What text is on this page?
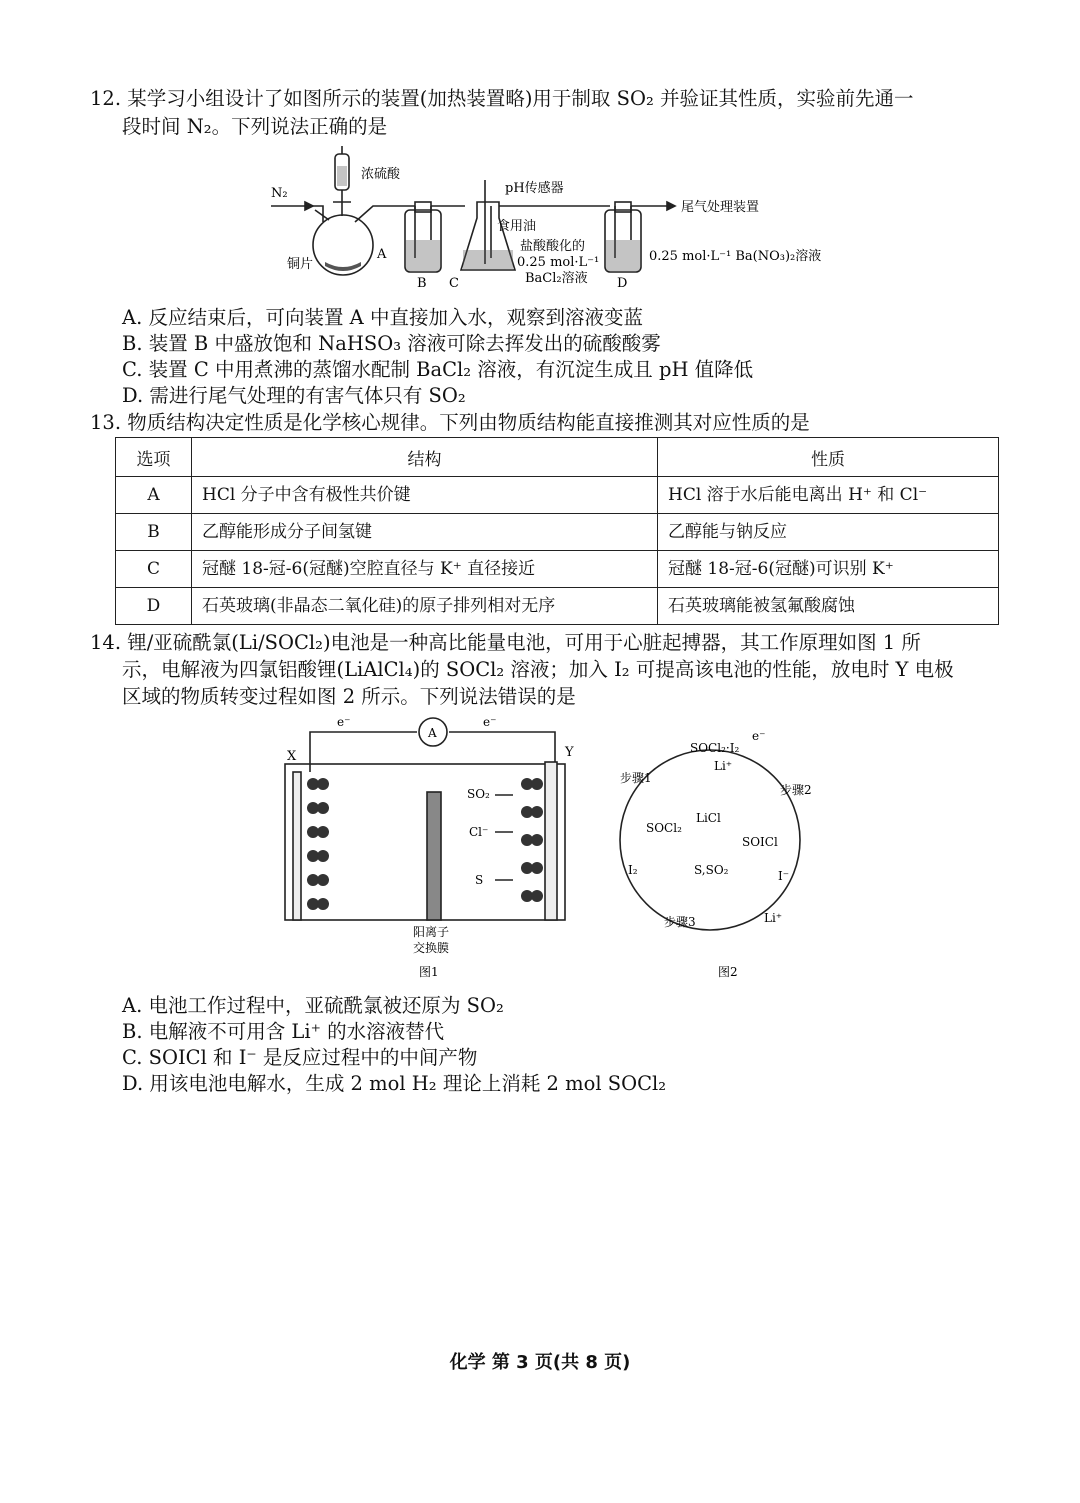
12. 某学习小组设计了如图所示的装置(加热装置略)用于制取 SO₂ 并验证其性质，实验前先通一
段时间 N₂。下列说法正确的是
N₂
浓硫酸
铜片
A
B C	D
pH传感器
食用油
盐酸酸化的
0.25 mol·L⁻¹
BaCl₂溶液
尾气处理装置
0.25 mol·L⁻¹ Ba(NO₃)₂溶液
A. 反应结束后，可向装置 A 中直接加入水，观察到溶液变蓝
B. 装置 B 中盛放饱和 NaHSO₃ 溶液可除去挥发出的硫酸酸雾
C. 装置 C 中用煮沸的蒸馏水配制 BaCl₂ 溶液，有沉淀生成且 pH 值降低
D. 需进行尾气处理的有害气体只有 SO₂
13. 物质结构决定性质是化学核心规律。下列由物质结构能直接推测其对应性质的是
选项	结构	性质
A	HCl 分子中含有极性共价键	HCl 溶于水后能电离出 H⁺ 和 Cl⁻
B	乙醇能形成分子间氢键	乙醇能与钠反应
C	冠醚 18-冠-6(冠醚)空腔直径与 K⁺ 直径接近	冠醚 18-冠-6(冠醚)可识别 K⁺
D	石英玻璃(非晶态二氧化硅)的原子排列相对无序	石英玻璃能被氢氟酸腐蚀
14. 锂/亚硫酰氯(Li/SOCl₂)电池是一种高比能量电池，可用于心脏起搏器，其工作原理如图 1 所
示，电解液为四氯铝酸锂(LiAlCl₄)的 SOCl₂ 溶液；加入 I₂ 可提高该电池的性能，放电时 Y 电极
区域的物质转变过程如图 2 所示。下列说法错误的是
e⁻	e⁻
A
X	Y
SO₂
Cl⁻
S
阳离子
交换膜
图1
SOCl₂·I₂
e⁻
Li⁺
步骤1
步骤2
SOCl₂
LiCl
SOICl
I₂	S,SO₂	I⁻
步骤3	Li⁺
图2
A. 电池工作过程中，亚硫酰氯被还原为 SO₂
B. 电解液不可用含 Li⁺ 的水溶液替代
C. SOICl 和 I⁻ 是反应过程中的中间产物
D. 用该电池电解水，生成 2 mol H₂ 理论上消耗 2 mol SOCl₂
化学 第 3 页(共 8 页)
